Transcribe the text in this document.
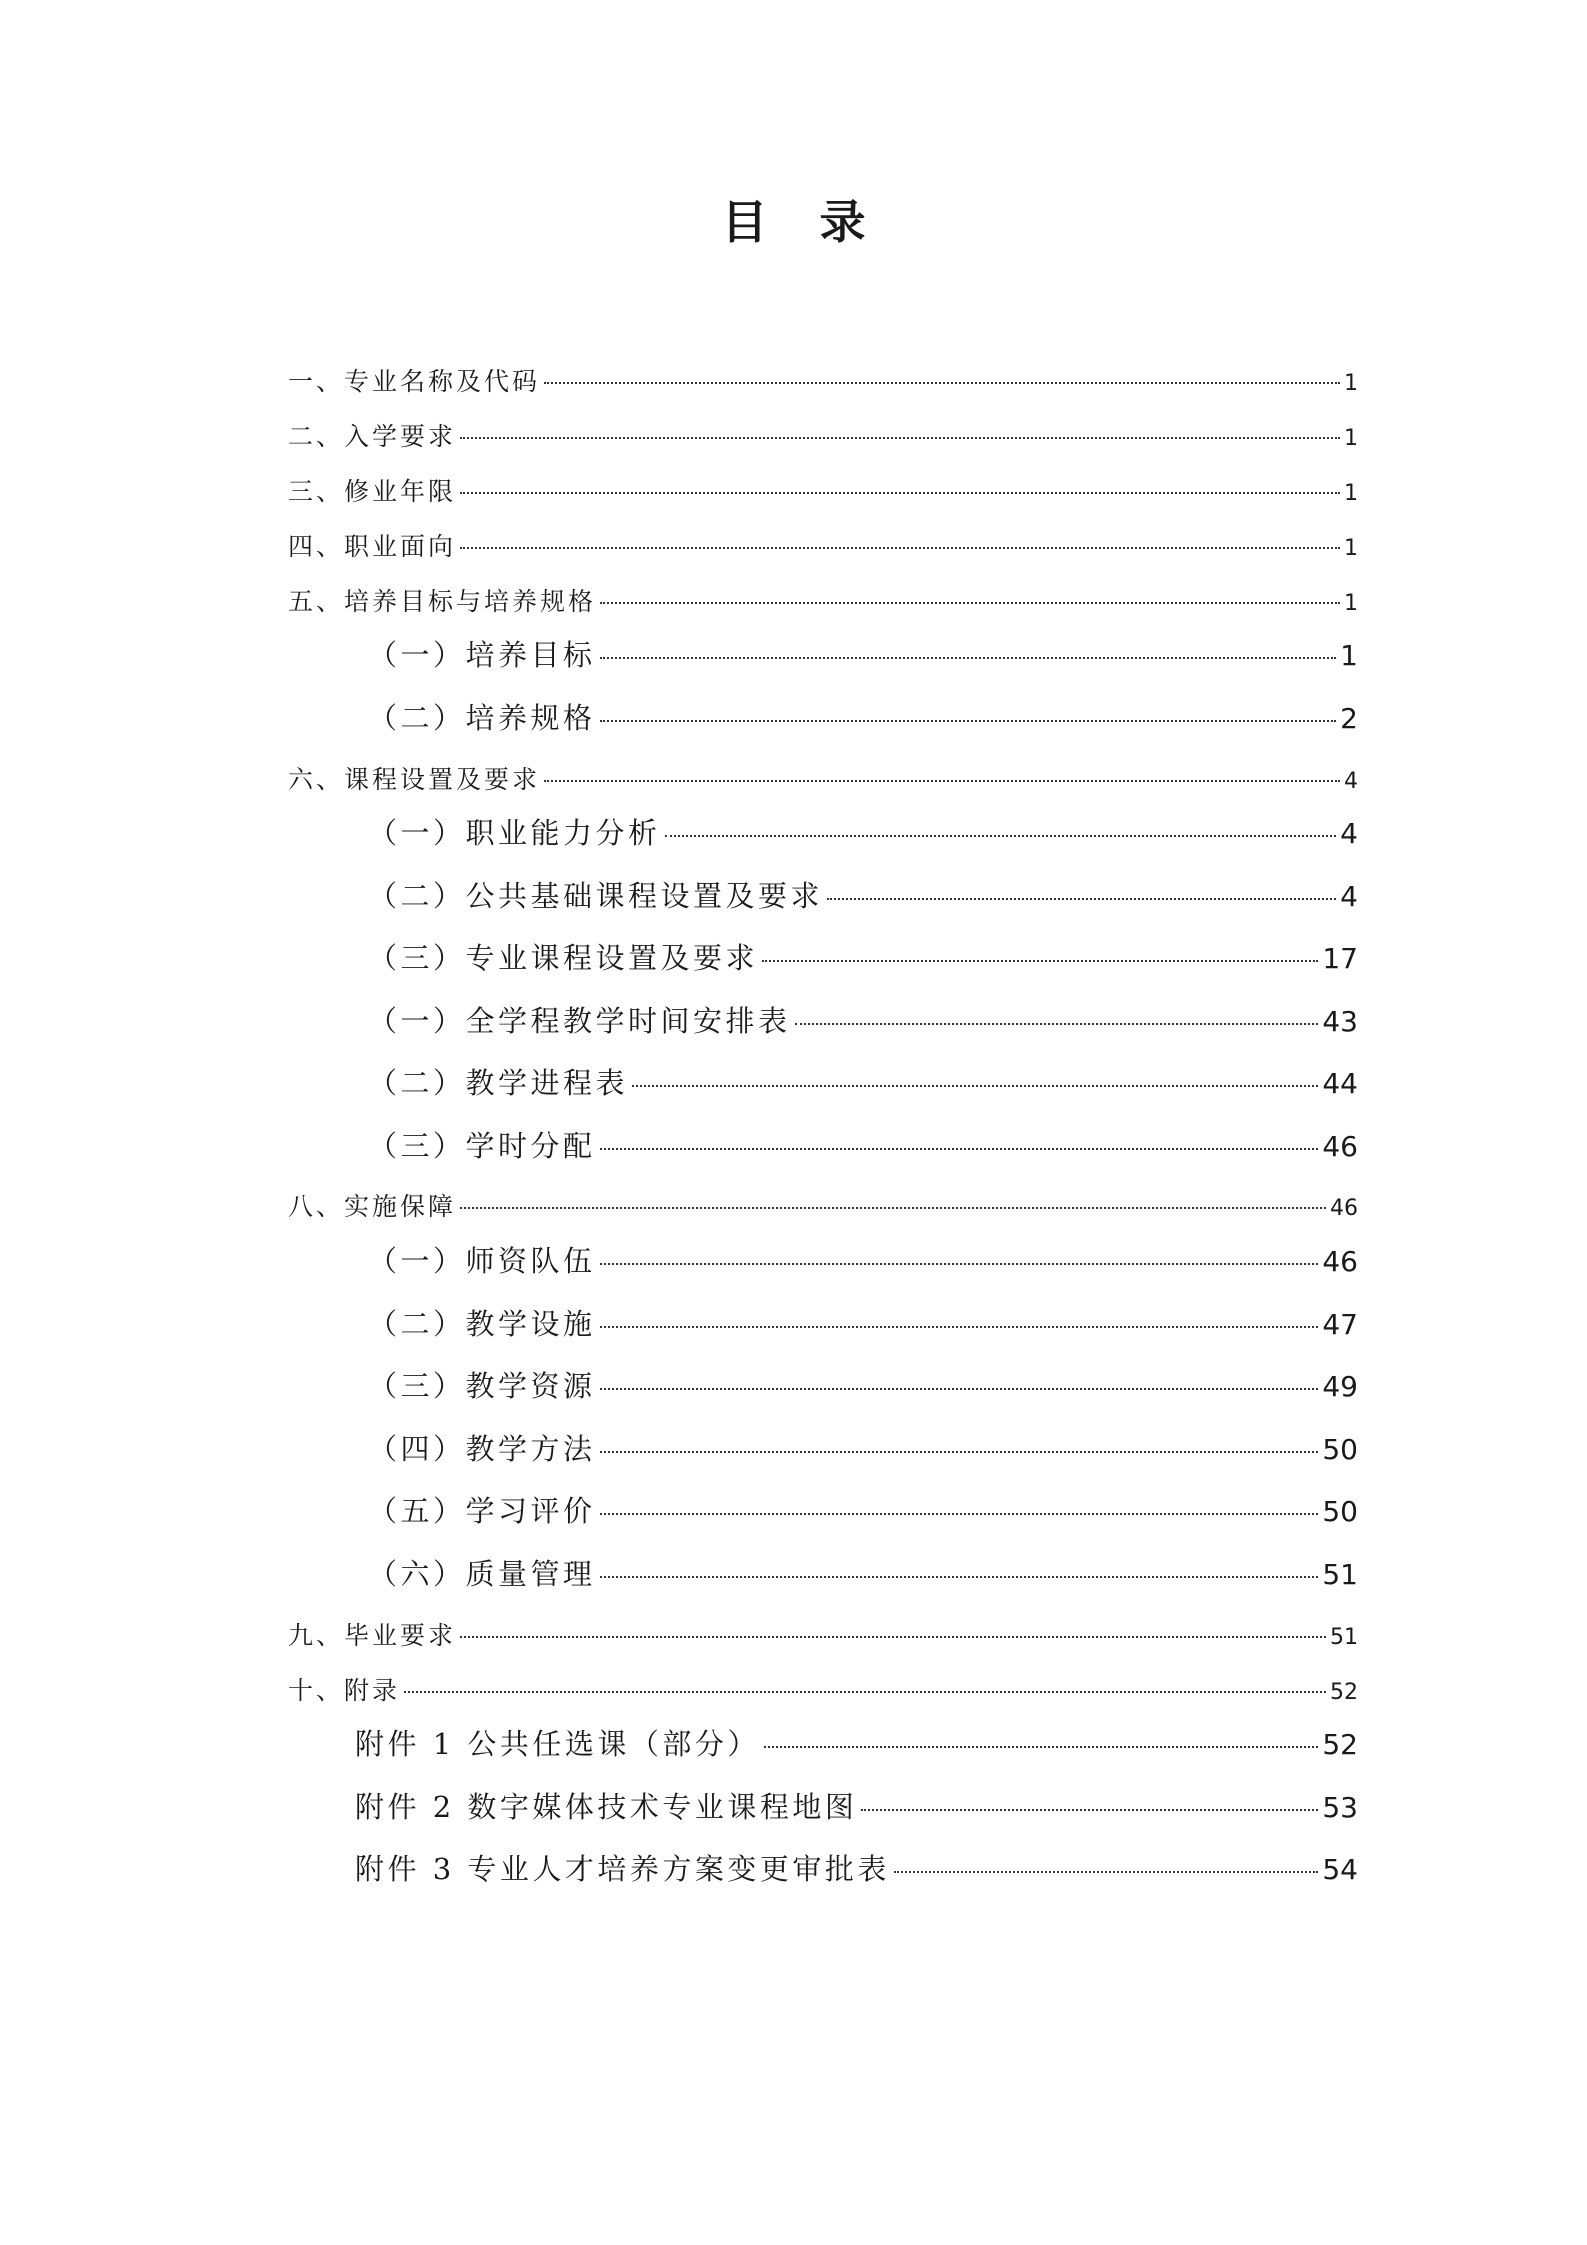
目 录
一、专业名称及代码	1
二、入学要求	1
三、修业年限	1
四、职业面向	1
五、培养目标与培养规格	1
（一）培养目标	1
（二）培养规格	2
六、课程设置及要求	4
（一）职业能力分析	4
（二）公共基础课程设置及要求	4
（三）专业课程设置及要求	17
（一）全学程教学时间安排表	43
（二）教学进程表	44
（三）学时分配	46
八、实施保障	46
（一）师资队伍	46
（二）教学设施	47
（三）教学资源	49
（四）教学方法	50
（五）学习评价	50
（六）质量管理	51
九、毕业要求	51
十、附录	52
附件 1 公共任选课（部分）	52
附件 2 数字媒体技术专业课程地图	53
附件 3 专业人才培养方案变更审批表	54
